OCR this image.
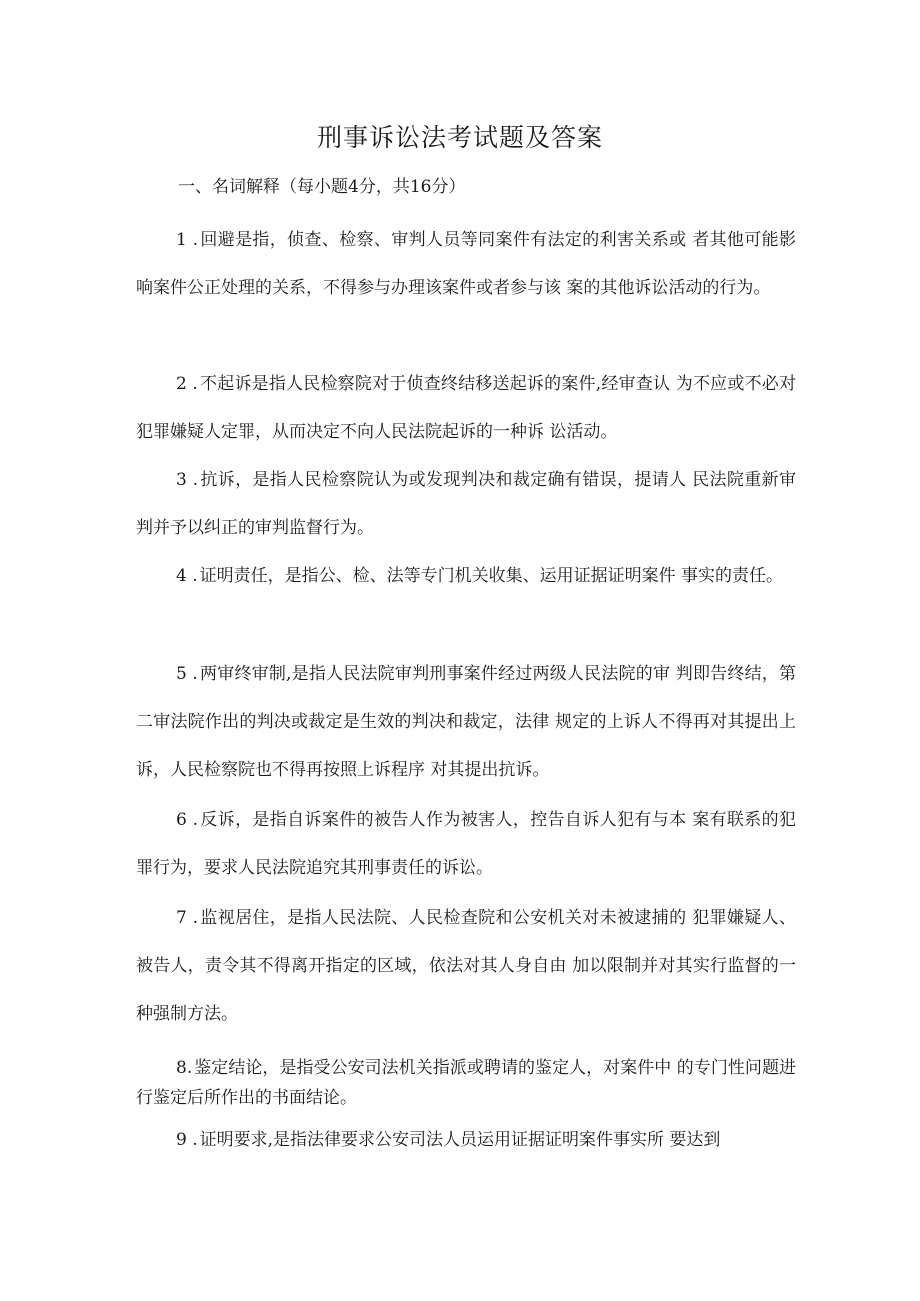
刑事诉讼法考试题及答案
一、名词解释（每小题4分，共16分）
1 . 回避是指，侦查、检察、审判人员等同案件有法定的利害关系或 者其他可能影响案件公正处理的关系，不得参与办理该案件或者参与该 案的其他诉讼活动的行为。
2 . 不起诉是指人民检察院对于侦查终结移送起诉的案件,经审查认 为不应或不必对犯罪嫌疑人定罪，从而决定不向人民法院起诉的一种诉 讼活动。
3 . 抗诉，是指人民检察院认为或发现判决和裁定确有错误，提请人 民法院重新审判并予以纠正的审判监督行为。
4 . 证明责任，是指公、检、法等专门机关收集、运用证据证明案件 事实的责任。
5 . 两审终审制,是指人民法院审判刑事案件经过两级人民法院的审 判即告终结，第二审法院作出的判决或裁定是生效的判决和裁定，法律 规定的上诉人不得再对其提出上诉，人民检察院也不得再按照上诉程序 对其提出抗诉。
6 . 反诉，是指自诉案件的被告人作为被害人，控告自诉人犯有与本 案有联系的犯罪行为，要求人民法院追究其刑事责任的诉讼。
7 . 监视居住，是指人民法院、人民检查院和公安机关对未被逮捕的 犯罪嫌疑人、被告人，责令其不得离开指定的区域，依法对其人身自由 加以限制并对其实行监督的一种强制方法。
8. 鉴定结论，是指受公安司法机关指派或聘请的鉴定人，对案件中 的专门性问题进行鉴定后所作出的书面结论。
9 . 证明要求,是指法律要求公安司法人员运用证据证明案件事实所 要达到
